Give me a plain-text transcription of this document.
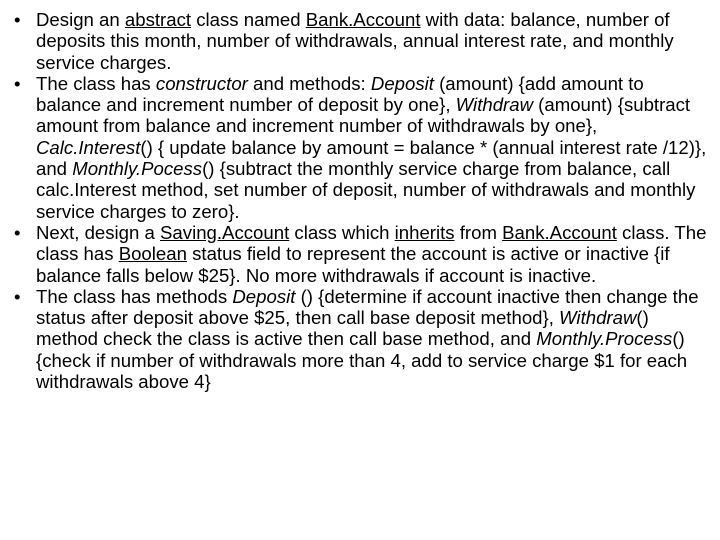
• Design an abstract class named Bank.Account with data: balance, number of deposits this month, number of withdrawals, annual interest rate, and monthly service charges.
• The class has constructor and methods: Deposit (amount) {add amount to balance and increment number of deposit by one}, Withdraw (amount) {subtract amount from balance and increment number of withdrawals by one}, Calc.Interest() { update balance by amount = balance * (annual interest rate /12)}, and Monthly.Pocess() {subtract the monthly service charge from balance, call calc.Interest method, set number of deposit, number of withdrawals and monthly service charges to zero}.
• Next, design a Saving.Account class which inherits from Bank.Account class. The class has Boolean status field to represent the account is active or inactive {if balance falls below $25}. No more withdrawals if account is inactive.
• The class has methods Deposit () {determine if account inactive then change the status after deposit above $25, then call base deposit method}, Withdraw() method check the class is active then call base method, and Monthly.Process() {check if number of withdrawals more than 4, add to service charge $1 for each withdrawals above 4}
